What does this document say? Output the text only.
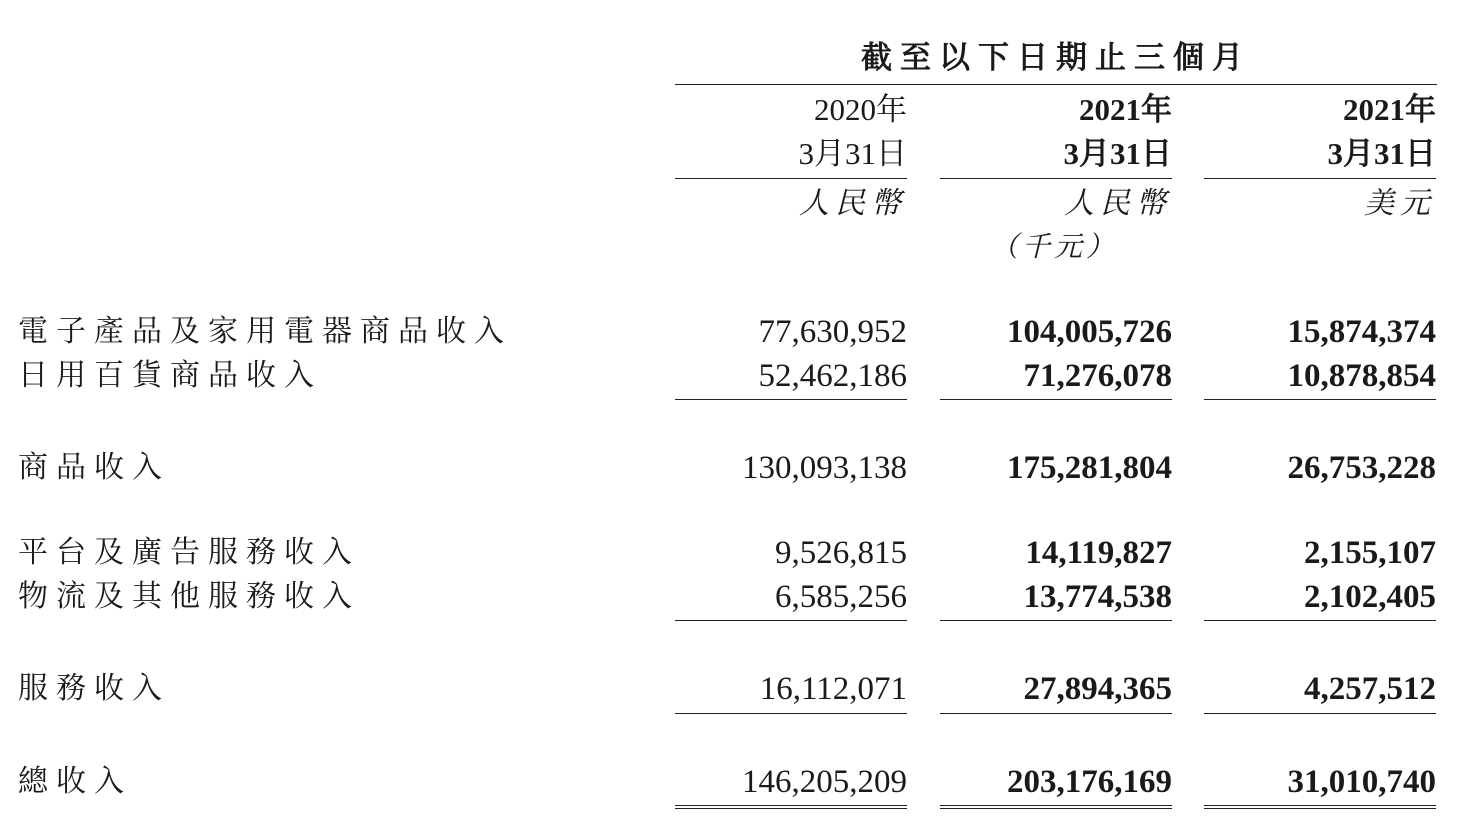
截至以下日期止三個月
2020年	2021年	2021年
3月31日	3月31日	3月31日
人民幣	人民幣	美元
（千元）
電子產品及家用電器商品收入	77,630,952	104,005,726	15,874,374
日用百貨商品收入	52,462,186	71,276,078	10,878,854
商品收入	130,093,138	175,281,804	26,753,228
平台及廣告服務收入	9,526,815	14,119,827	2,155,107
物流及其他服務收入	6,585,256	13,774,538	2,102,405
服務收入	16,112,071	27,894,365	4,257,512
總收入	146,205,209	203,176,169	31,010,740
